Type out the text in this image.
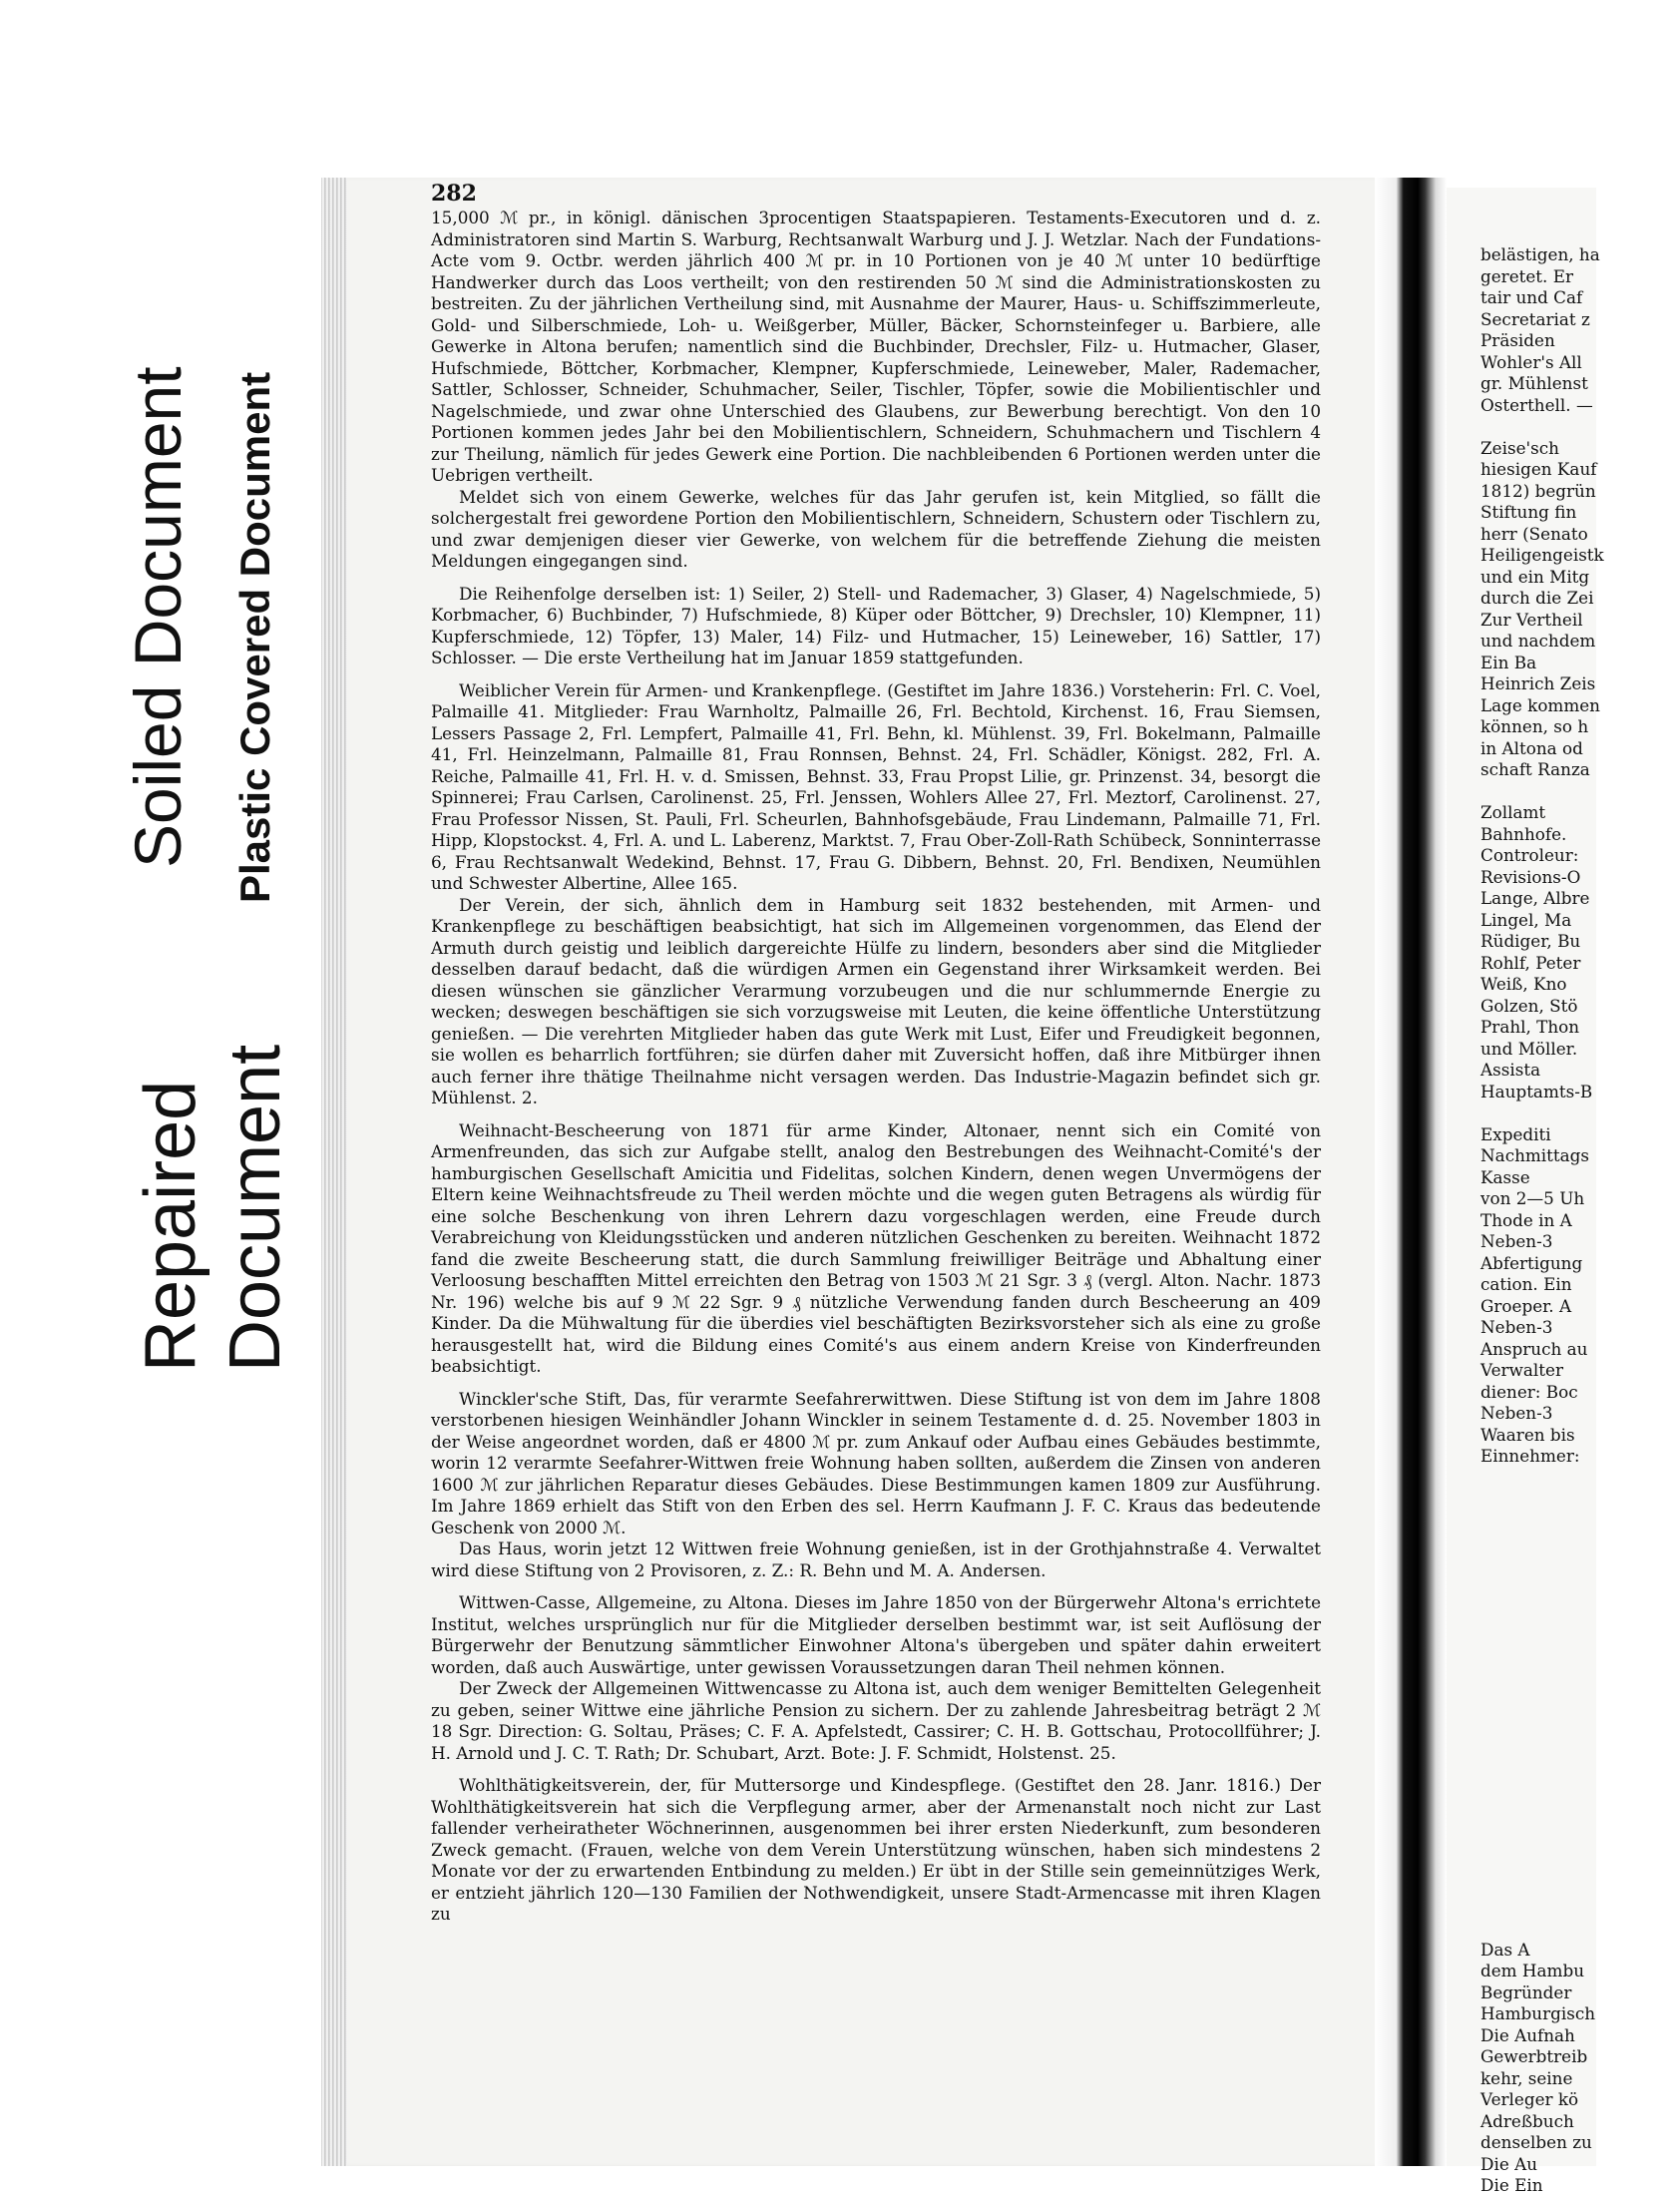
Soiled Document Plastic Covered Document
Repaired Document
282

15,000 ℳ pr., in königl. dänischen 3procentigen Staatspapieren. Testaments-Executoren und d. z. Administratoren sind Martin S. Warburg, Rechtsanwalt Warburg und J. J. Wetzlar. Nach der Fundations-Acte vom 9. Octbr. werden jährlich 400 ℳ pr. in 10 Portionen von je 40 ℳ unter 10 bedürftige Handwerker durch das Loos vertheilt; von den restirenden 50 ℳ sind die Administrationskosten zu bestreiten. Zu der jährlichen Vertheilung sind, mit Ausnahme der Maurer, Haus- u. Schiffszimmerleute, Gold- und Silberschmiede, Loh- u. Weißgerber, Müller, Bäcker, Schornsteinfeger u. Barbiere, alle Gewerke in Altona berufen; namentlich sind die Buchbinder, Drechsler, Filz- u. Hutmacher, Glaser, Hufschmiede, Böttcher, Korbmacher, Klempner, Kupferschmiede, Leineweber, Maler, Rademacher, Sattler, Schlosser, Schneider, Schuhmacher, Seiler, Tischler, Töpfer, sowie die Mobilientischler und Nagelschmiede, und zwar ohne Unterschied des Glaubens, zur Bewerbung berechtigt. Von den 10 Portionen kommen jedes Jahr bei den Mobilientischlern, Schneidern, Schuhmachern und Tischlern 4 zur Theilung, nämlich für jedes Gewerk eine Portion. Die nachbleibenden 6 Portionen werden unter die Uebrigen vertheilt.

Meldet sich von einem Gewerke, welches für das Jahr gerufen ist, kein Mitglied, so fällt die solchergestalt frei gewordene Portion den Mobilientischlern, Schneidern, Schustern oder Tischlern zu, und zwar demjenigen dieser vier Gewerke, von welchem für die betreffende Ziehung die meisten Meldungen eingegangen sind.

Die Reihenfolge derselben ist: 1) Seiler, 2) Stell- und Rademacher, 3) Glaser, 4) Nagelschmiede, 5) Korbmacher, 6) Buchbinder, 7) Hufschmiede, 8) Küper oder Böttcher, 9) Drechsler, 10) Klempner, 11) Kupferschmiede, 12) Töpfer, 13) Maler, 14) Filz- und Hutmacher, 15) Leineweber, 16) Sattler, 17) Schlosser. — Die erste Vertheilung hat im Januar 1859 stattgefunden.

Weiblicher Verein für Armen- und Krankenpflege. (Gestiftet im Jahre 1836.) Vorsteherin: Frl. C. Voel, Palmaille 41. Mitglieder: Frau Warnholtz, Palmaille 26, Frl. Bechtold, Kirchenst. 16, Frau Siemsen, Lessers Passage 2, Frl. Lempfert, Palmaille 41, Frl. Behn, kl. Mühlenst. 39, Frl. Bokelmann, Palmaille 41, Frl. Heinzelmann, Palmaille 81, Frau Ronnsen, Behnst. 24, Frl. Schädler, Königst. 282, Frl. A. Reiche, Palmaille 41, Frl. H. v. d. Smissen, Behnst. 33, Frau Propst Lilie, gr. Prinzenst. 34, besorgt die Spinnerei; Frau Carlsen, Carolinenst. 25, Frl. Jenssen, Wohlers Allee 27, Frl. Meztorf, Carolinenst. 27, Frau Professor Nissen, St. Pauli, Frl. Scheurlen, Bahnhofsgebäude, Frau Lindemann, Palmaille 71, Frl. Hipp, Klopstockst. 4, Frl. A. und L. Laberenz, Marktst. 7, Frau Ober-Zoll-Rath Schübeck, Sonninterrasse 6, Frau Rechtsanwalt Wedekind, Behnst. 17, Frau G. Dibbern, Behnst. 20, Frl. Bendixen, Neumühlen und Schwester Albertine, Allee 165.

Der Verein, der sich, ähnlich dem in Hamburg seit 1832 bestehenden, mit Armen- und Krankenpflege zu beschäftigen beabsichtigt, hat sich im Allgemeinen vorgenommen, das Elend der Armuth durch geistig und leiblich dargereichte Hülfe zu lindern, besonders aber sind die Mitglieder desselben darauf bedacht, daß die würdigen Armen ein Gegenstand ihrer Wirksamkeit werden. Bei diesen wünschen sie gänzlicher Verarmung vorzubeugen und die nur schlummernde Energie zu wecken; deswegen beschäftigen sie sich vorzugsweise mit Leuten, die keine öffentliche Unterstützung genießen. — Die verehrten Mitglieder haben das gute Werk mit Lust, Eifer und Freudigkeit begonnen, sie wollen es beharrlich fortführen; sie dürfen daher mit Zuversicht hoffen, daß ihre Mitbürger ihnen auch ferner ihre thätige Theilnahme nicht versagen werden. Das Industrie-Magazin befindet sich gr. Mühlenst. 2.

Weihnacht-Bescheerung von 1871 für arme Kinder, Altonaer, nennt sich ein Comité von Armenfreunden, das sich zur Aufgabe stellt, analog den Bestrebungen des Weihnacht-Comité's der hamburgischen Gesellschaft Amicitia und Fidelitas, solchen Kindern, denen wegen Unvermögens der Eltern keine Weihnachtsfreude zu Theil werden möchte und die wegen guten Betragens als würdig für eine solche Beschenkung von ihren Lehrern dazu vorgeschlagen werden, eine Freude durch Verabreichung von Kleidungsstücken und anderen nützlichen Geschenken zu bereiten. Weihnacht 1872 fand die zweite Bescheerung statt, die durch Sammlung freiwilliger Beiträge und Abhaltung einer Verloosung beschafften Mittel erreichten den Betrag von 1503 ℳ 21 Sgr. 3 ₰ (vergl. Alton. Nachr. 1873 Nr. 196) welche bis auf 9 ℳ 22 Sgr. 9 ₰ nützliche Verwendung fanden durch Bescheerung an 409 Kinder. Da die Mühwaltung für die überdies viel beschäftigten Bezirksvorsteher sich als eine zu große herausgestellt hat, wird die Bildung eines Comité's aus einem andern Kreise von Kinderfreunden beabsichtigt.

Winckler'sche Stift, Das, für verarmte Seefahrerwittwen. Diese Stiftung ist von dem im Jahre 1808 verstorbenen hiesigen Weinhändler Johann Winckler in seinem Testamente d. d. 25. November 1803 in der Weise angeordnet worden, daß er 4800 ℳ pr. zum Ankauf oder Aufbau eines Gebäudes bestimmte, worin 12 verarmte Seefahrer-Wittwen freie Wohnung haben sollten, außerdem die Zinsen von anderen 1600 ℳ zur jährlichen Reparatur dieses Gebäudes. Diese Bestimmungen kamen 1809 zur Ausführung. Im Jahre 1869 erhielt das Stift von den Erben des sel. Herrn Kaufmann J. F. C. Kraus das bedeutende Geschenk von 2000 ℳ.

Das Haus, worin jetzt 12 Wittwen freie Wohnung genießen, ist in der Grothjahnstraße 4. Verwaltet wird diese Stiftung von 2 Provisoren, z. Z.: R. Behn und M. A. Andersen.

Wittwen-Casse, Allgemeine, zu Altona. Dieses im Jahre 1850 von der Bürgerwehr Altona's errichtete Institut, welches ursprünglich nur für die Mitglieder derselben bestimmt war, ist seit Auflösung der Bürgerwehr der Benutzung sämmtlicher Einwohner Altona's übergeben und später dahin erweitert worden, daß auch Auswärtige, unter gewissen Voraussetzungen daran Theil nehmen können.

Der Zweck der Allgemeinen Wittwencasse zu Altona ist, auch dem weniger Bemittelten Gelegenheit zu geben, seiner Wittwe eine jährliche Pension zu sichern. Der zu zahlende Jahresbeitrag beträgt 2 ℳ 18 Sgr. Direction: G. Soltau, Präses; C. F. A. Apfelstedt, Cassirer; C. H. B. Gottschau, Protocollführer; J. H. Arnold und J. C. T. Rath; Dr. Schubart, Arzt. Bote: J. F. Schmidt, Holstenst. 25.

Wohlthätigkeitsverein, der, für Muttersorge und Kindespflege. (Gestiftet den 28. Janr. 1816.) Der Wohlthätigkeitsverein hat sich die Verpflegung armer, aber der Armenanstalt noch nicht zur Last fallender verheiratheter Wöchnerinnen, ausgenommen bei ihrer ersten Niederkunft, zum besonderen Zweck gemacht. (Frauen, welche von dem Verein Unterstützung wünschen, haben sich mindestens 2 Monate vor der zu erwartenden Entbindung zu melden.) Er übt in der Stille sein gemeinnütziges Werk, er entzieht jährlich 120—130 Familien der Nothwendigkeit, unsere Stadt-Armencasse mit ihren Klagen zu

belästigen, ha
geretet. Er
tair und Caf
Secretariat z
Präsiden
Wohler's All
gr. Mühlenst
Osterthell. —
Zeise'sch
hiesigen Kauf
1812) begrün
Stiftung fin
herr (Senato
Heiligengeistk
und ein Mitg
durch die Zei
Zur Vertheil
und nachdem
Ein Ba
Heinrich Zeis
Lage kommen
können, so h
in Altona od
schaft Ranza
Zollamt
Bahnhofe.
Controleur:
Revisions-O
Lange, Albre
Lingel, Ma
Rüdiger, Bu
Rohlf, Peter
Weiß, Kno
Golzen, Stö
Prahl, Thon
und Möller.
Assista
Hauptamts-B
Expediti
Nachmittags
Kasse
von 2—5 Uh
Thode in A
Neben-3
Abfertigung
cation. Ein
Groeper. A
Neben-3
Anspruch au
Verwalter
diener: Boc
Neben-3
Waaren bis
Einnehmer:
Das A
dem Hambu
Begründer
Hamburgisch
Die Aufnah
Gewerbtreib
kehr, seine
Verleger kö
Adreßbuch
denselben zu
Die Au
Die Ein
